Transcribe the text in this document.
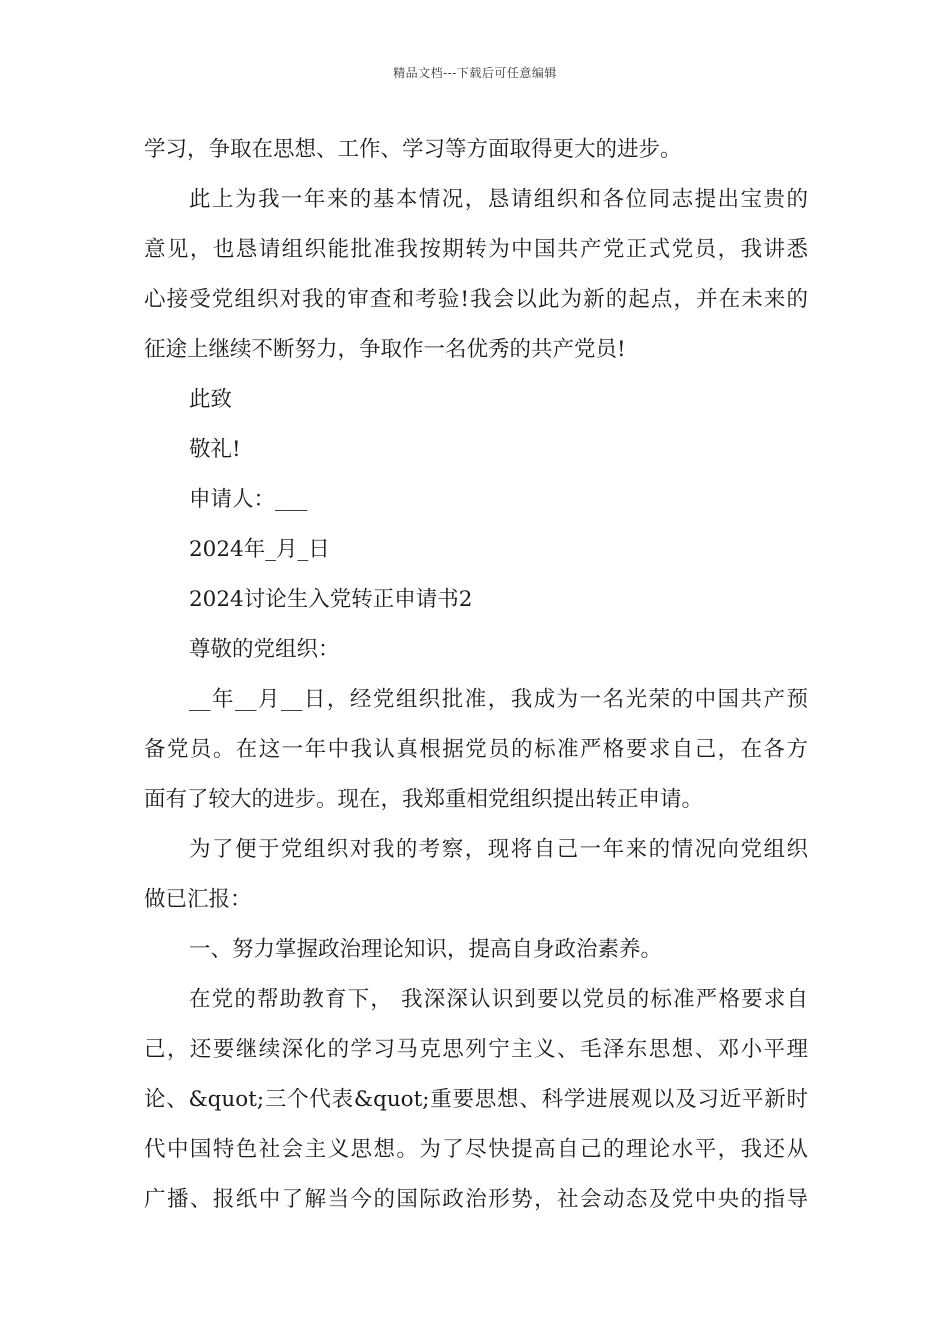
精品文档---下载后可任意编辑
学习，争取在思想、工作、学习等方面取得更大的进步。
此上为我一年来的基本情况，恳请组织和各位同志提出宝贵的
意见，也恳请组织能批准我按期转为中国共产党正式党员，我讲悉
心接受党组织对我的审查和考验!我会以此为新的起点，并在未来的
征途上继续不断努力，争取作一名优秀的共产党员!
此致
敬礼!
申请人：___
2024年_月_日
2024讨论生入党转正申请书2
尊敬的党组织：
__年__月__日，经党组织批准，我成为一名光荣的中国共产预
备党员。在这一年中我认真根据党员的标准严格要求自己，在各方
面有了较大的进步。现在，我郑重相党组织提出转正申请。
为了便于党组织对我的考察，现将自己一年来的情况向党组织
做已汇报：
一、努力掌握政治理论知识，提高自身政治素养。
在党的帮助教育下， 我深深认识到要以党员的标准严格要求自
己，还要继续深化的学习马克思列宁主义、毛泽东思想、邓小平理
论、&quot;三个代表&quot;重要思想、科学进展观以及习近平新时
代中国特色社会主义思想。为了尽快提高自己的理论水平，我还从
广播、报纸中了解当今的国际政治形势，社会动态及党中央的指导
